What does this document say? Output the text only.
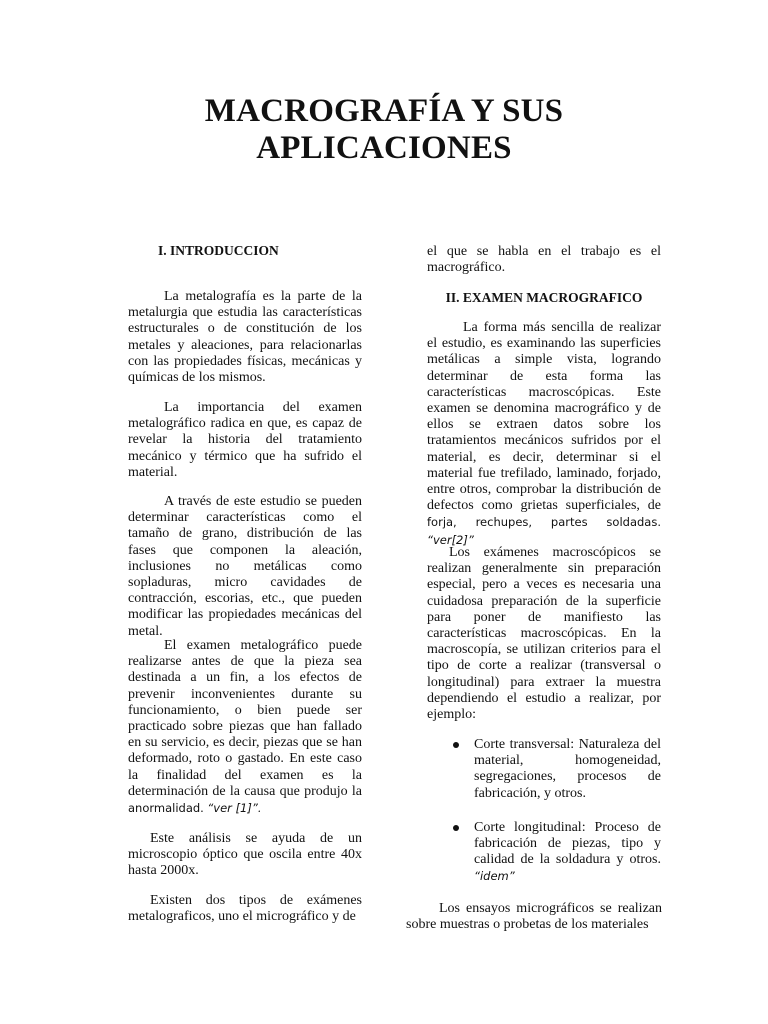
MACROGRAFÍA Y SUS
APLICACIONES
I. INTRODUCCION

La metalografía es la parte de la metalurgia que estudia las características estructurales o de constitución de los metales y aleaciones, para relacionarlas con las propiedades físicas, mecánicas y químicas de los mismos.

La importancia del examen metalográfico radica en que, es capaz de revelar la historia del tratamiento mecánico y térmico que ha sufrido el material.

A través de este estudio se pueden determinar características como el tamaño de grano, distribución de las fases que componen la aleación, inclusiones no metálicas como sopladuras, micro cavidades de contracción, escorias, etc., que pueden modificar las propiedades mecánicas del metal.

El examen metalográfico puede realizarse antes de que la pieza sea destinada a un fin, a los efectos de prevenir inconvenientes durante su funcionamiento, o bien puede ser practicado sobre piezas que han fallado en su servicio, es decir, piezas que se han deformado, roto o gastado. En este caso la finalidad del examen es la determinación de la causa que produjo la anormalidad. “ver [1]”.

Este análisis se ayuda de un microscopio óptico que oscila entre 40x hasta 2000x.

Existen dos tipos de exámenes metalograficos, uno el micrográfico y de

el que se habla en el trabajo es el macrográfico.

II. EXAMEN MACROGRAFICO

La forma más sencilla de realizar el estudio, es examinando las superficies metálicas a simple vista, logrando determinar de esta forma las características macroscópicas. Este examen se denomina macrográfico y de ellos se extraen datos sobre los tratamientos mecánicos sufridos por el material, es decir, determinar si el material fue trefilado, laminado, forjado, entre otros, comprobar la distribución de defectos como grietas superficiales, de forja, rechupes, partes soldadas. “ver[2]”

Los exámenes macroscópicos se realizan generalmente sin preparación especial, pero a veces es necesaria una cuidadosa preparación de la superficie para poner de manifiesto las características macroscópicas. En la macroscopía, se utilizan criterios para el tipo de corte a realizar (transversal o longitudinal) para extraer la muestra dependiendo el estudio a realizar, por ejemplo:

Corte transversal: Naturaleza del material, homogeneidad, segregaciones, procesos de fabricación, y otros.
Corte longitudinal: Proceso de fabricación de piezas, tipo y calidad de la soldadura y otros. “idem”

Los ensayos micrográficos se realizan sobre muestras o probetas de los materiales
